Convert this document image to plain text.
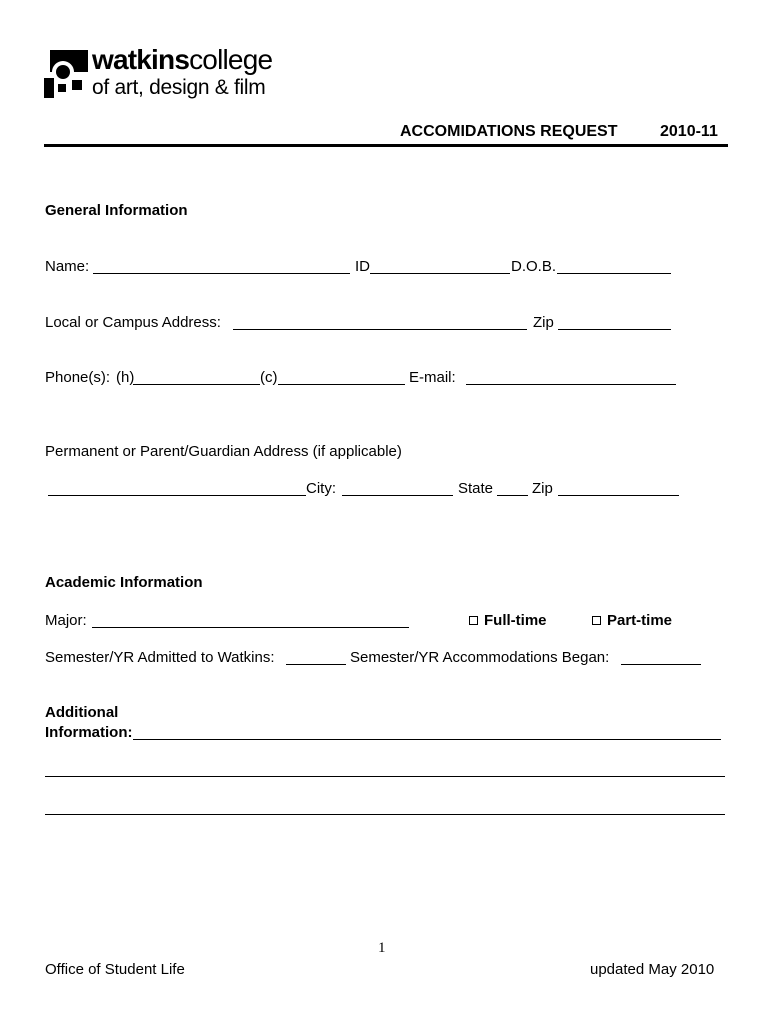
watkinscollege
of art, design & film
ACCOMIDATIONS REQUEST	2010-11
General Information
Name:	ID	D.O.B.
Local or Campus Address:	Zip
Phone(s): (h)	(c)	E-mail:
Permanent or Parent/Guardian Address (if applicable)
City:	State	Zip
Academic Information
Major:	Full-time	Part-time
Semester/YR Admitted to Watkins:	Semester/YR Accommodations Began:
Additional
Information:
1
Office of Student Life	updated May 2010
